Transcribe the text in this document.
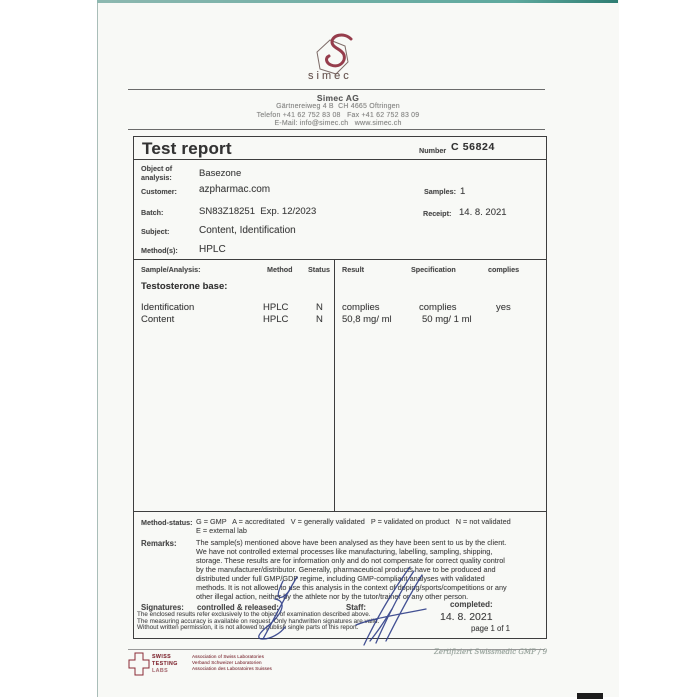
simec
Simec AG
Gärtnereiweg 4 B  CH 4665 Oftringen
Telefon +41 62 752 83 08   Fax +41 62 752 83 09
E-Mail: info@simec.ch   www.simec.ch
Test report	Number C 56824
Object of analysis:	Basezone
Customer: azpharmac.com	Samples: 1
Batch:	SN83Z18251  Exp. 12/2023	Receipt: 14. 8. 2021
Subject:	Content, Identification
Method(s): HPLC
Sample/Analysis:	Method Status Result	Specification	complies
Testosterone base:
Identification	HPLC	N complies	complies	yes
Content	HPLC	N 50,8 mg/ ml	50 mg/ 1 ml
Method-status: G = GMP   A = accreditated   V = generally validated   P = validated on product   N = not validated
E = external lab
Remarks:	The sample(s) mentioned above have been analysed as they have been sent to us by the client.
We have not controlled external processes like manufacturing, labelling, sampling, shipping,
storage. These results are for information only and do not compensate for correct quality control
by the manufacturer/distributor. Generally, pharmaceutical products have to be produced and
distributed under full GMP/GDP regime, including GMP-compliant analyses with validated
methods. It is not allowed to use this analysis in the context of doping/sports/competitions or any
other illegal action, neither by the athlete nor by the tutor/trainer or any other person.
Signatures: controlled & released:	Staff:	completed:
14. 8. 2021
The enclosed results refer exclusively to the object of examination described above.
The measuring accuracy is available on request. Only handwritten signatures are valid.
Without written permission, it is not allowed to publish single parts of this report.	page 1 of 1
SWISS
TESTING
LABS
Association of Swiss Laboratories
Verband Schweizer Laboratorien
Association des Laboratoires Suisses
Zertifiziert Swissmedic GMP / 9
